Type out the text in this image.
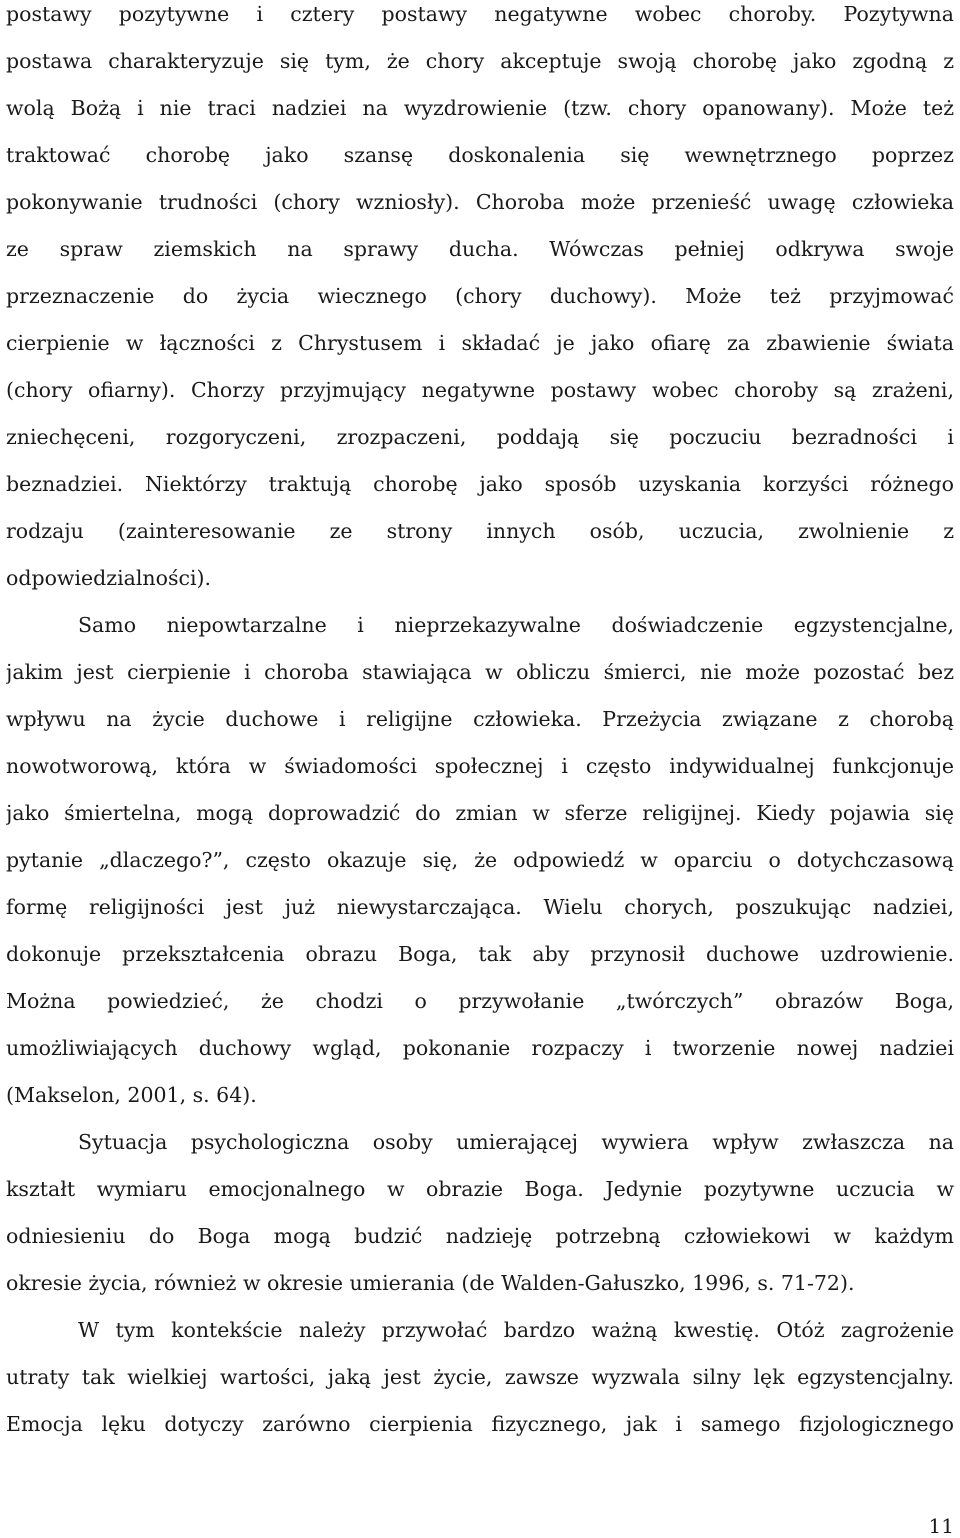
postawy pozytywne i cztery postawy negatywne wobec choroby. Pozytywna
postawa charakteryzuje się tym, że chory akceptuje swoją chorobę jako zgodną z
wolą Bożą i nie traci nadziei na wyzdrowienie (tzw. chory opanowany). Może też
traktować chorobę jako szansę doskonalenia się wewnętrznego poprzez
pokonywanie trudności (chory wzniosły). Choroba może przenieść uwagę człowieka
ze spraw ziemskich na sprawy ducha. Wówczas pełniej odkrywa swoje
przeznaczenie do życia wiecznego (chory duchowy). Może też przyjmować
cierpienie w łączności z Chrystusem i składać je jako ofiarę za zbawienie świata
(chory ofiarny). Chorzy przyjmujący negatywne postawy wobec choroby są zrażeni,
zniechęceni, rozgoryczeni, zrozpaczeni, poddają się poczuciu bezradności i
beznadziei. Niektórzy traktują chorobę jako sposób uzyskania korzyści różnego
rodzaju (zainteresowanie ze strony innych osób, uczucia, zwolnienie z
odpowiedzialności).
Samo niepowtarzalne i nieprzekazywalne doświadczenie egzystencjalne,
jakim jest cierpienie i choroba stawiająca w obliczu śmierci, nie może pozostać bez
wpływu na życie duchowe i religijne człowieka. Przeżycia związane z chorobą
nowotworową, która w świadomości społecznej i często indywidualnej funkcjonuje
jako śmiertelna, mogą doprowadzić do zmian w sferze religijnej. Kiedy pojawia się
pytanie „dlaczego?”, często okazuje się, że odpowiedź w oparciu o dotychczasową
formę religijności jest już niewystarczająca. Wielu chorych, poszukując nadziei,
dokonuje przekształcenia obrazu Boga, tak aby przynosił duchowe uzdrowienie.
Można powiedzieć, że chodzi o przywołanie „twórczych” obrazów Boga,
umożliwiających duchowy wgląd, pokonanie rozpaczy i tworzenie nowej nadziei
(Makselon, 2001, s. 64).
Sytuacja psychologiczna osoby umierającej wywiera wpływ zwłaszcza na
kształt wymiaru emocjonalnego w obrazie Boga. Jedynie pozytywne uczucia w
odniesieniu do Boga mogą budzić nadzieję potrzebną człowiekowi w każdym
okresie życia, również w okresie umierania (de Walden-Gałuszko, 1996, s. 71-72).
W tym kontekście należy przywołać bardzo ważną kwestię. Otóż zagrożenie
utraty tak wielkiej wartości, jaką jest życie, zawsze wyzwala silny lęk egzystencjalny.
Emocja lęku dotyczy zarówno cierpienia fizycznego, jak i samego fizjologicznego
11
